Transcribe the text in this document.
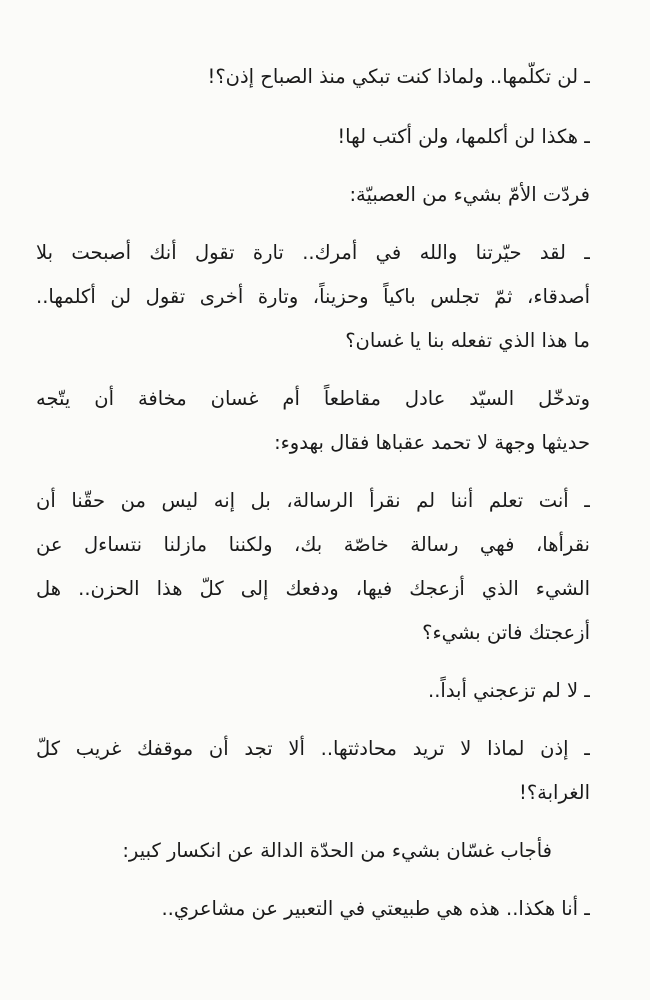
ـ لن تكلّمها.. ولماذا كنت تبكي منذ الصباح إذن؟!
ـ هكذا لن أكلمها، ولن أكتب لها!
فردّت الأمّ بشيء من العصبيّة:
ـ لقد حيّرتنا والله في أمرك.. تارة تقول أنك أصبحت بلا
أصدقاء، ثمّ تجلس باكياً وحزيناً، وتارة أخرى تقول لن أكلمها..
ما هذا الذي تفعله بنا يا غسان؟
وتدخّل السيّد عادل مقاطعاً أم غسان مخافة أن يتّجه
حديثها وجهة لا تحمد عقباها فقال بهدوء:
ـ أنت تعلم أننا لم نقرأ الرسالة، بل إنه ليس من حقّنا أن
نقرأها، فهي رسالة خاصّة بك، ولكننا مازلنا نتساءل عن
الشيء الذي أزعجك فيها، ودفعك إلى كلّ هذا الحزن.. هل
أزعجتك فاتن بشيء؟
ـ لا لم تزعجني أبداً..
ـ إذن لماذا لا تريد محادثتها.. ألا تجد أن موقفك غريب كلّ
الغرابة؟!
فأجاب غسّان بشيء من الحدّة الدالة عن انكسار كبير:
ـ أنا هكذا.. هذه هي طبيعتي في التعبير عن مشاعري..
